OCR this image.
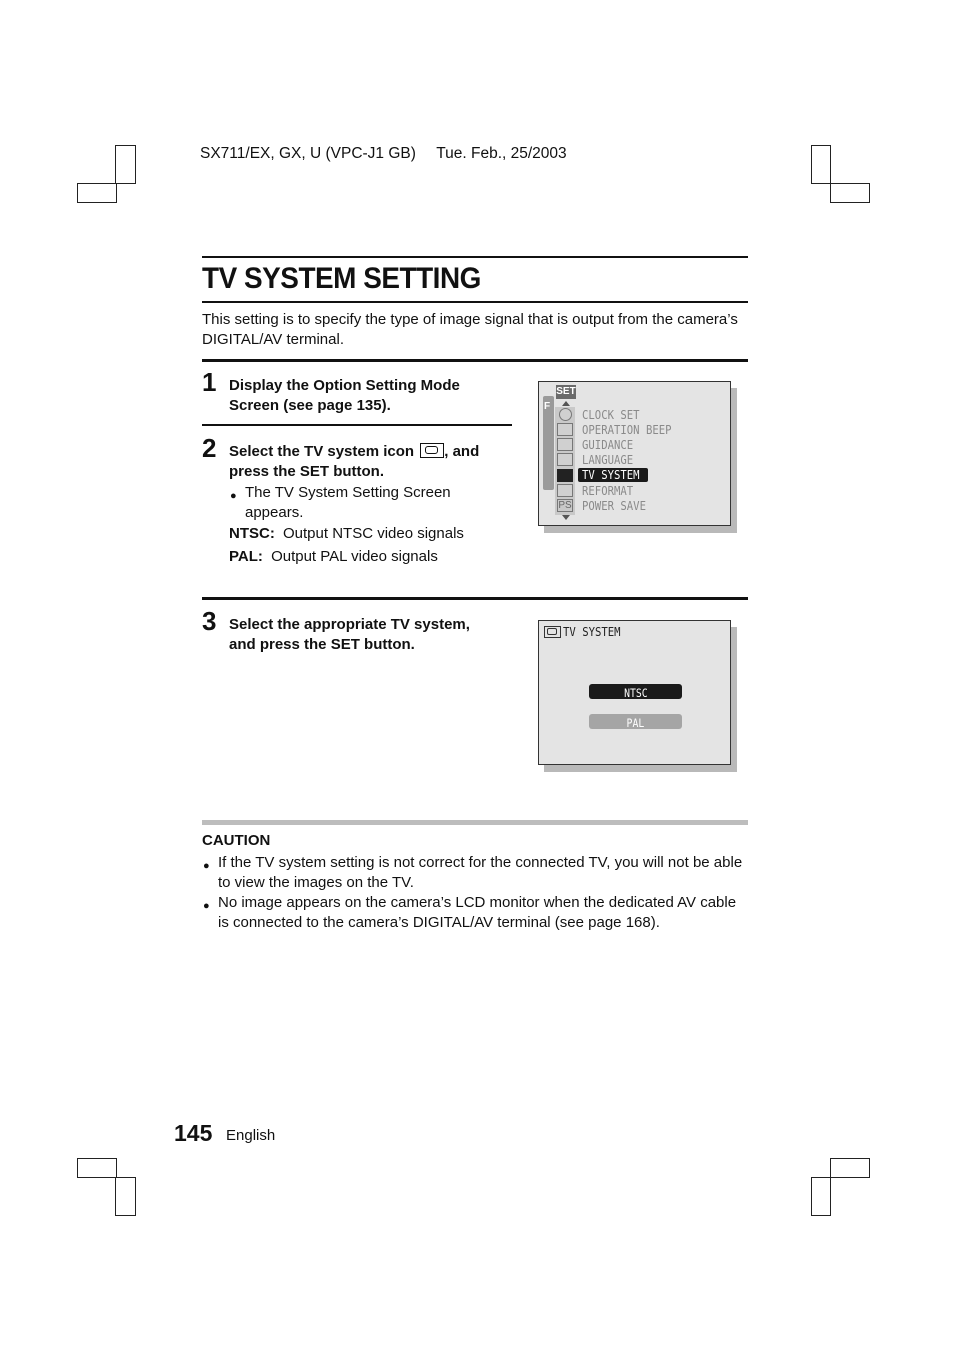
SX711/EX, GX, U (VPC-J1 GB) Tue. Feb., 25/2003
TV SYSTEM SETTING
This setting is to specify the type of image signal that is output from the camera’s DIGITAL/AV terminal.
1 Display the Option Setting Mode Screen (see page 135).
2 Select the TV system icon , and press the SET button.
● The TV System Setting Screen appears.
NTSC: Output NTSC video signals
PAL: Output PAL video signals
F
SET
PS
CLOCK SET
OPERATION BEEP
GUIDANCE
LANGUAGE
TV SYSTEM
REFORMAT
POWER SAVE
3 Select the appropriate TV system, and press the SET button.
TV SYSTEM
NTSC
PAL
CAUTION
● If the TV system setting is not correct for the connected TV, you will not be able to view the images on the TV.
● No image appears on the camera’s LCD monitor when the dedicated AV cable is connected to the camera’s DIGITAL/AV terminal (see page 168).
145 English
